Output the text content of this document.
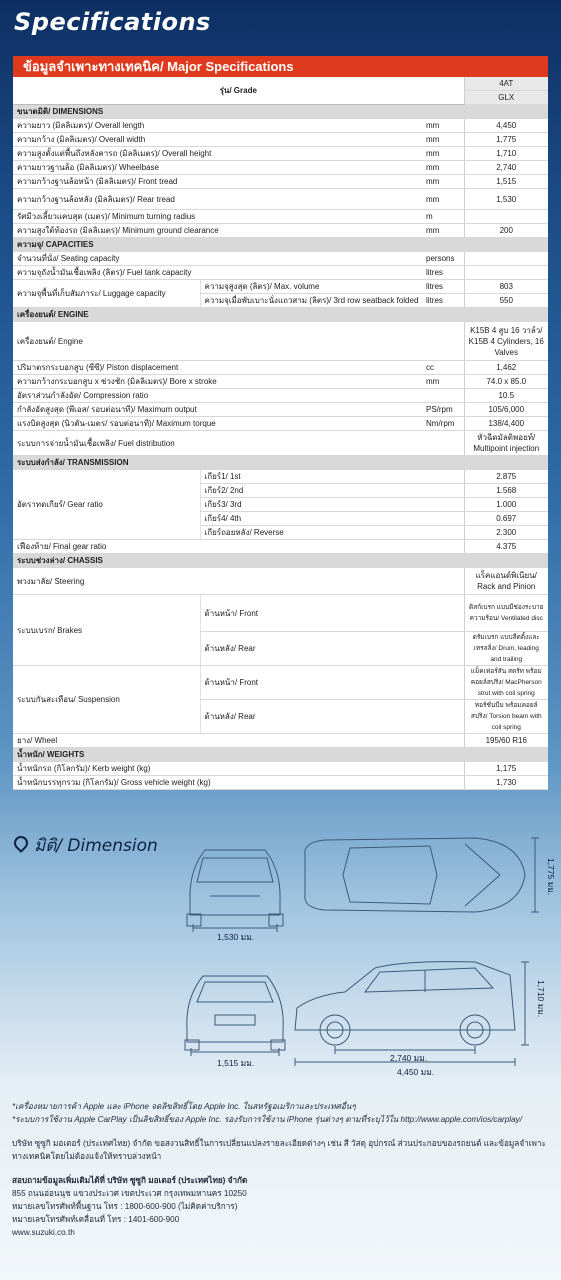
Specifications
ข้อมูลจำเพาะทางเทคนิค/ Major Specifications
รุ่น/ Grade			4AT
			GLX
ขนาดมิติ/ DIMENSIONS			
ความยาว (มิลลิเมตร)/ Overall length		mm	4,450
ความกว้าง (มิลลิเมตร)/ Overall width		mm	1,775
ความสูงตั้งแต่พื้นถึงหลังคารถ (มิลลิเมตร)/ Overall height		mm	1,710
ความยาวฐานล้อ (มิลลิเมตร)/ Wheelbase		mm	2,740
ความกว้างฐานล้อหน้า (มิลลิเมตร)/ Front tread		mm	1,515
ความกว้างฐานล้อหลัง (มิลลิเมตร)/ Rear tread		mm	1,530
รัศมีวงเลี้ยวแคบสุด (เมตร)/ Minimum turning radius		m	
ความสูงใต้ท้องรถ (มิลลิเมตร)/ Minimum ground clearance		mm	200
ความจุ/ CAPACITIES			
จำนวนที่นั่ง/ Seating capacity		persons	
ความจุถังน้ำมันเชื้อเพลิง (ลิตร)/ Fuel tank capacity		litres	
ความจุพื้นที่เก็บสัมภาระ/ Luggage capacity	ความจุสูงสุด (ลิตร)/ Max. volume	litres	803
	ความจุเมื่อพับเบาะนั่งแถวสาม (ลิตร)/ 3rd row seatback folded	litres	550
เครื่องยนต์/ ENGINE			
เครื่องยนต์/ Engine			K15B 4 สูบ 16 วาล์ว/ K15B 4 Cylinders, 16 Valves
ปริมาตรกระบอกสูบ (ซีซี)/ Piston displacement		cc	1,462
ความกว้างกระบอกสูบ x ช่วงชัก (มิลลิเมตร)/ Bore x stroke		mm	74.0 x 85.0
อัตราส่วนกำลังอัด/ Compression ratio			10.5
กำลังอัดสูงสุด (พีเอส/ รอบต่อนาที)/ Maximum output		PS/rpm	105/6,000
แรงบิดสูงสุด (นิวตัน-เมตร/ รอบต่อนาที)/ Maximum torque		Nm/rpm	138/4,400
ระบบการจ่ายน้ำมันเชื้อเพลิง/ Fuel distribution			หัวฉีดมัลติพอยท์/ Multipoint injection
ระบบส่งกำลัง/ TRANSMISSION			
อัตราทดเกียร์/ Gear ratio	เกียร์1/ 1st		2.875
	เกียร์2/ 2nd		1.568
	เกียร์3/ 3rd		1.000
	เกียร์4/ 4th		0.697
	เกียร์ถอยหลัง/ Reverse		2.300
เฟืองท้าย/ Final gear ratio			4.375
ระบบช่วงล่าง/ CHASSIS			
พวงมาลัย/ Steering			แร็คแอนด์พิเนียน/ Rack and Pinion
ระบบเบรก/ Brakes	ด้านหน้า/ Front		ดิสก์เบรก แบบมีช่องระบาย ความร้อน/ Ventilated disc
	ด้านหลัง/ Rear		ดรัมเบรก แบบลีดดิ้งและเทรลลิ่ง/ Drum, leading and trailing
ระบบกันสะเทือน/ Suspension	ด้านหน้า/ Front		แม็คเฟอร์สัน สตรัท พร้อมคอยล์สปริง/ MacPherson strut with coil spring
	ด้านหลัง/ Rear		ทอร์ชั่นบีม พร้อมคอยล์สปริง/ Torsion beam with coil spring
ยาง/ Wheel			195/60 R16
น้ำหนัก/ WEIGHTS			
น้ำหนักรถ (กิโลกรัม)/ Kerb weight (kg)			1,175
น้ำหนักบรรทุกรวม (กิโลกรัม)/ Gross vehicle weight (kg)			1,730
มิติ/ Dimension
1,530 มม.
1,775 มม.
1,515 มม.
1,710 มม.
2,740 มม.
4,450 มม.

*เครื่องหมายการค้า Apple และ iPhone จดลิขสิทธิ์โดย Apple Inc. ในสหรัฐอเมริกาและประเทศอื่นๆ

*ระบบการใช้งาน Apple CarPlay เป็นลิขสิทธิ์ของ Apple Inc. รองรับการใช้งาน iPhone รุ่นต่างๆ ตามที่ระบุไว้ใน http://www.apple.com/ios/carplay/

บริษัท ซูซูกิ มอเตอร์ (ประเทศไทย) จำกัด ขอสงวนสิทธิ์ในการเปลี่ยนแปลงรายละเอียดต่างๆ เช่น สี วัสดุ อุปกรณ์ ส่วนประกอบของรถยนต์ และข้อมูลจำเพาะทางเทคนิคโดยไม่ต้องแจ้งให้ทราบล่วงหน้า

สอบถามข้อมูลเพิ่มเติมได้ที่ บริษัท ซูซูกิ มอเตอร์ (ประเทศไทย) จำกัด
855 ถนนอ่อนนุช แขวงประเวศ เขตประเวศ กรุงเทพมหานคร 10250
หมายเลขโทรศัพท์พื้นฐาน โทร : 1800-600-900 (ไม่คิดค่าบริการ)
หมายเลขโทรศัพท์เคลื่อนที่ โทร : 1401-600-900
www.suzuki.co.th
